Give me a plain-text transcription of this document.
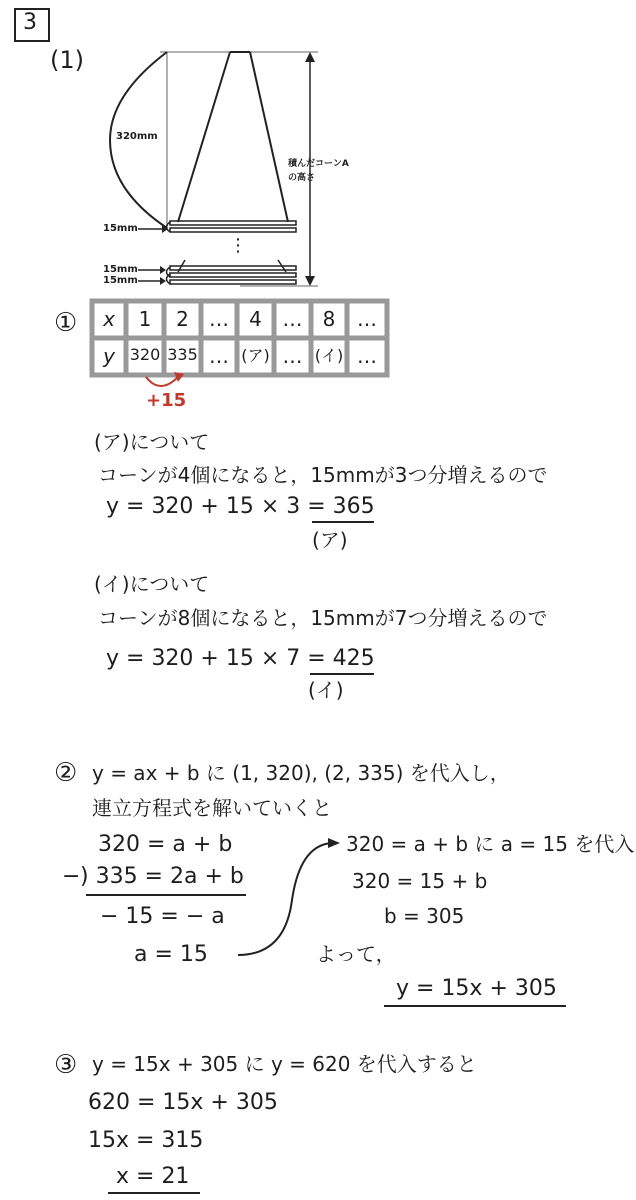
3
(1)
320mm
15mm
15mm
15mm
⋮
積んだコーンA
の高さ
①	x	1	2	…	4	…	8	…
y 320 335 … (ア) … (イ) …
+15
(ア)について
コーンが4個になると，15mmが3つ分増えるので
y = 320 + 15 × 3 = 365
(ア)
(イ)について
コーンが8個になると，15mmが7つ分増えるので
y = 320 + 15 × 7 = 425
(イ)
② y = ax + b に (1, 320), (2, 335) を代入し，
連立方程式を解いていくと
320 = a + b
− ) 335 = 2a + b
− 15 = − a
a = 15
320 = a + b に a = 15 を代入
320 = 15 + b
b = 305
よって，
y = 15x + 305
③ y = 15x + 305 に y = 620 を代入すると
620 = 15x + 305
15x = 315
x = 21
